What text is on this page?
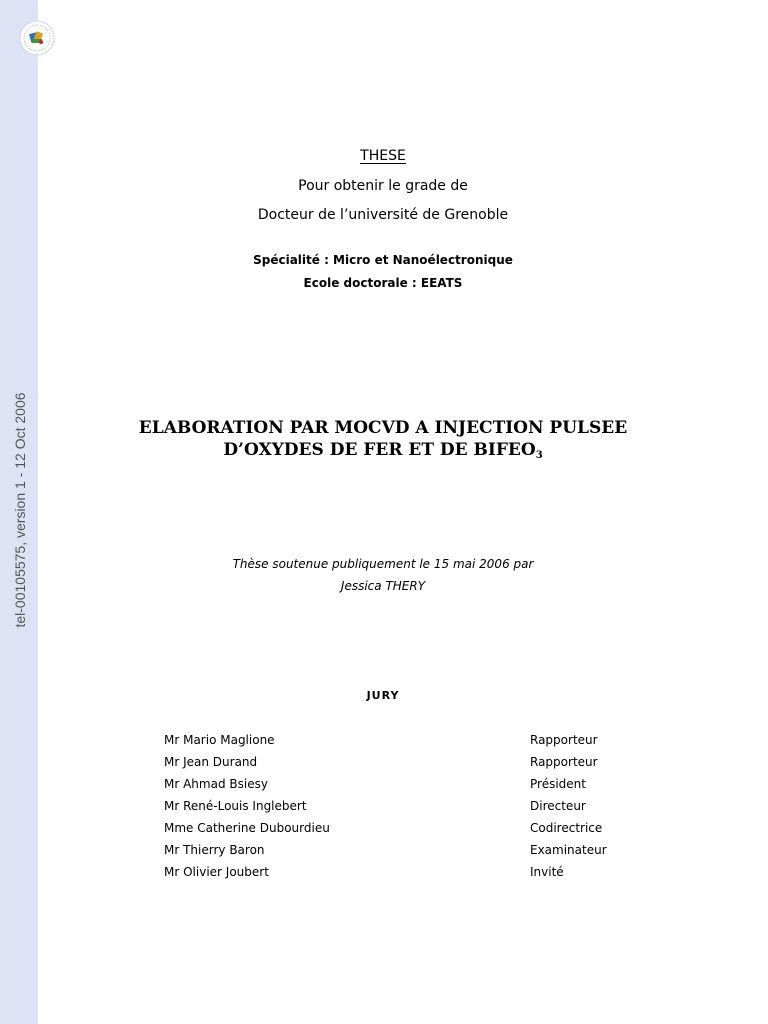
tel-00105575, version 1 - 12 Oct 2006
THESE
Pour obtenir le grade de
Docteur de l’université de Grenoble
Spécialité : Micro et Nanoélectronique
Ecole doctorale : EEATS
ELABORATION PAR MOCVD A INJECTION PULSEE
D’OXYDES DE FER ET DE $BIFEO_3$
Thèse soutenue publiquement le 15 mai 2006 par
Jessica THERY
JURY
Mr Mario Maglione	Rapporteur
Mr Jean Durand	Rapporteur
Mr Ahmad Bsiesy	Président
Mr René-Louis Inglebert	Directeur
Mme Catherine Dubourdieu	Codirectrice
Mr Thierry Baron	Examinateur
Mr Olivier Joubert	Invité
